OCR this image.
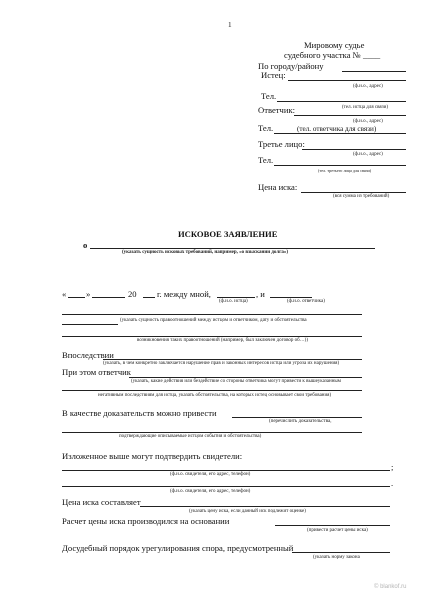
1
Мировому судье
судебного участка № ____
По городу/району
Истец:
(ф.и.о., адрес)
Тел.
(тел. истца для связи)
Ответчик:
(ф.и.о., адрес)
Тел.	(тел. ответчика для связи)
Третье лицо:
(ф.и.о., адрес)
Тел.
(тел. третьего лица для связи)
Цена иска:
(вся сумма из требований)
ИСКОВОЕ ЗАЯВЛЕНИЕ
о
(указать сущность исковых требований, например, «о взыскании долга»)
« »	20 г. между мной,	, и
(ф.и.о. истца)	(ф.и.о. ответчика)
(указать сущность правоотношений между истцом и ответчиком, дату и обстоятельства
возникновения таких правоотношений (например, был заключен договор об…))
Впоследствии
(указать, в чем конкретно заключается нарушение прав и законных интересов истца или угроза их нарушения)
При этом ответчик
(указать, какие действия или бездействие со стороны ответчика могут привести к вышеуказанным
негативным последствиям для истца, указать обстоятельства, на которых истец основывает свои требования)
В качестве доказательств можно привести
(перечислить доказательства,
подтверждающие описываемые истцом события и обстоятельства)
Изложенное выше могут подтвердить свидетели:
;
(ф.и.о. свидетеля, его адрес, телефон)
.
(ф.и.о. свидетеля, его адрес, телефон)
Цена иска составляет
(указать цену иска, если данный иск подлежит оценке)
Расчет цены иска производился на основании
(привести расчет цены иска)
Досудебный порядок урегулирования спора, предусмотренный
(указать норму закона
© blankof.ru
